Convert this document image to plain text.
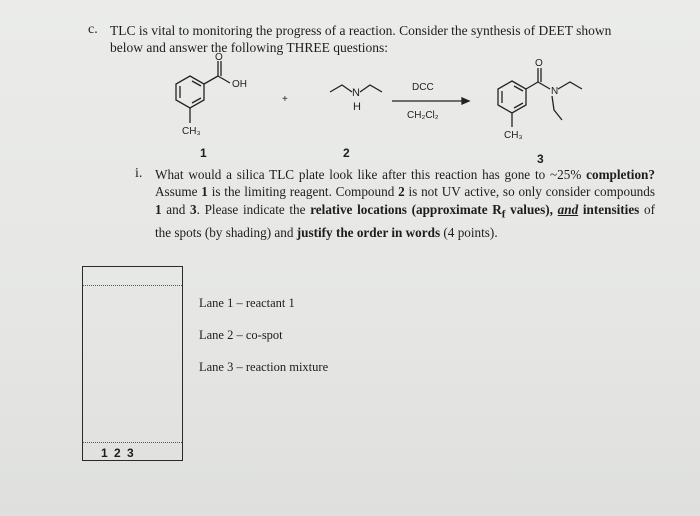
c. TLC is vital to monitoring the progress of a reaction. Consider the synthesis of DEET shown
below and answer the following THREE questions:
O
OH
CH₃
+
N
H
DCC
CH₂Cl₂
O
N
CH₃
1	2	3
i. What would a silica TLC plate look like after this reaction has gone to ~25% completion? Assume 1 is the limiting reagent. Compound 2 is not UV active, so only consider compounds 1 and 3. Please indicate the relative locations (approximate $R_f$ values), and intensities of the spots (by shading) and justify the order in words (4 points).
1 2 3
Lane 1 – reactant 1
Lane 2 – co-spot
Lane 3 – reaction mixture
